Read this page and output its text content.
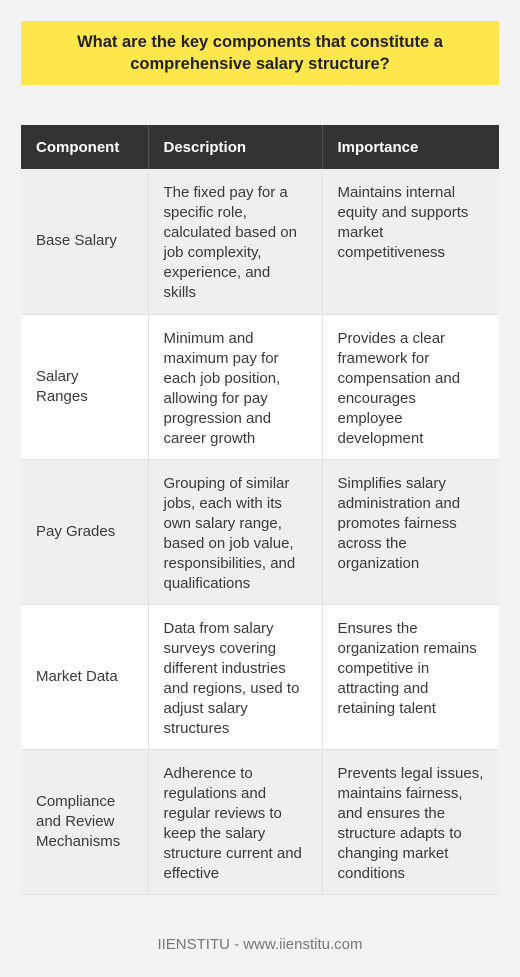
What are the key components that constitute a comprehensive salary structure?
Component	Description	Importance
Base Salary	The fixed pay for a specific role, calculated based on job complexity, experience, and skills	Maintains internal equity and supports market competitiveness
Salary Ranges	Minimum and maximum pay for each job position, allowing for pay progression and career growth	Provides a clear framework for compensation and encourages employee development
Pay Grades	Grouping of similar jobs, each with its own salary range, based on job value, responsibilities, and qualifications	Simplifies salary administration and promotes fairness across the organization
Market Data	Data from salary surveys covering different industries and regions, used to adjust salary structures	Ensures the organization remains competitive in attracting and retaining talent
Compliance and Review Mechanisms	Adherence to regulations and regular reviews to keep the salary structure current and effective	Prevents legal issues, maintains fairness, and ensures the structure adapts to changing market conditions
IIENSTITU - www.iienstitu.com
